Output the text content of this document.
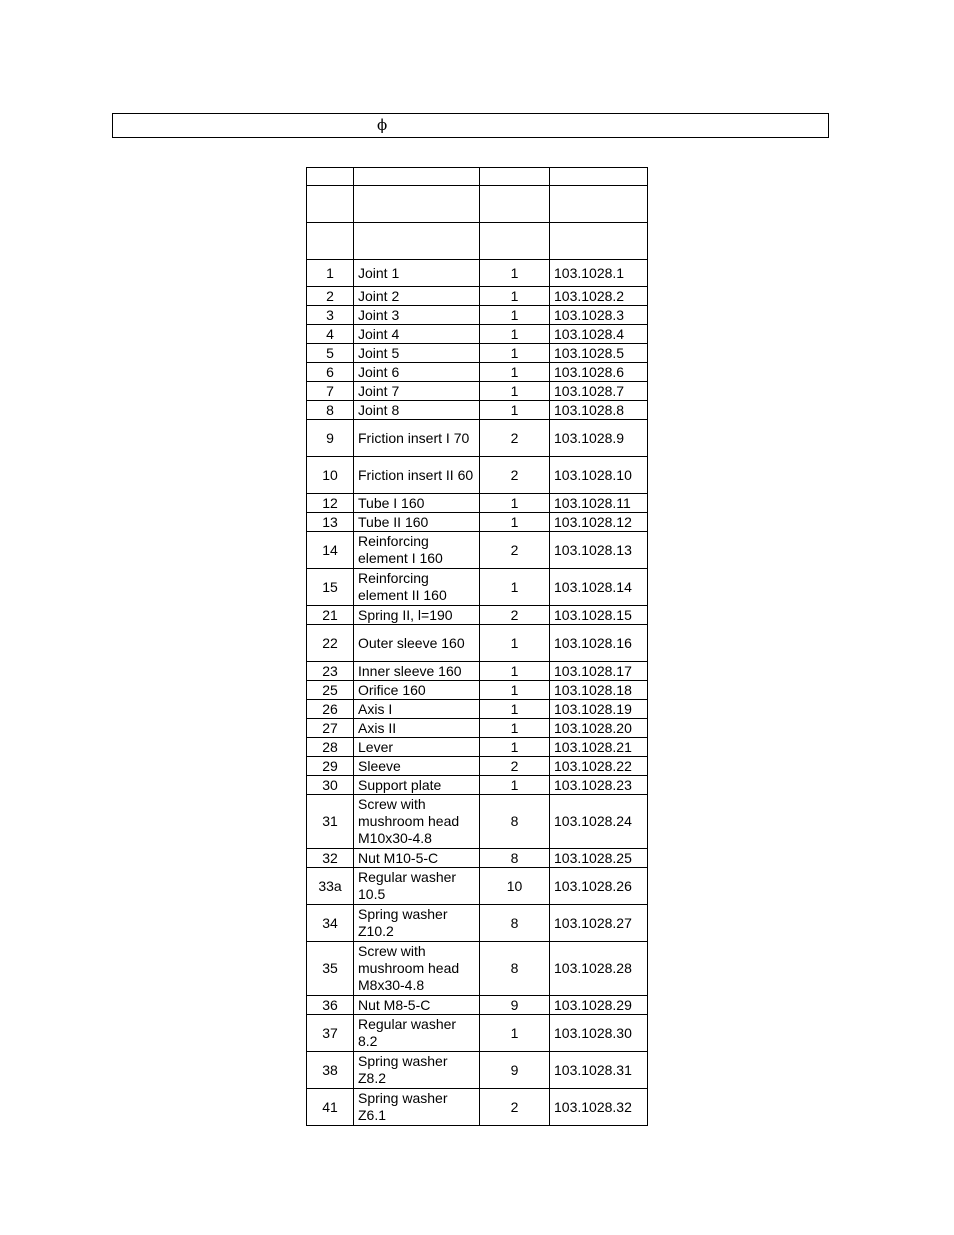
ϕ

1	Joint 1	1	103.1028.1
2	Joint 2	1	103.1028.2
3	Joint 3	1	103.1028.3
4	Joint 4	1	103.1028.4
5	Joint 5	1	103.1028.5
6	Joint 6	1	103.1028.6
7	Joint 7	1	103.1028.7
8	Joint 8	1	103.1028.8
9	Friction insert I 70	2	103.1028.9
10	Friction insert II 60	2	103.1028.10
12	Tube I 160	1	103.1028.11
13	Tube II 160	1	103.1028.12
14	Reinforcing element I 160	2	103.1028.13
15	Reinforcing element II 160	1	103.1028.14
21	Spring II, l=190	2	103.1028.15
22	Outer sleeve 160	1	103.1028.16
23	Inner sleeve 160	1	103.1028.17
25	Orifice 160	1	103.1028.18
26	Axis I	1	103.1028.19
27	Axis II	1	103.1028.20
28	Lever	1	103.1028.21
29	Sleeve	2	103.1028.22
30	Support plate	1	103.1028.23
31	Screw with mushroom head M10x30-4.8	8	103.1028.24
32	Nut M10-5-C	8	103.1028.25
33a	Regular washer 10.5	10	103.1028.26
34	Spring washer Z10.2	8	103.1028.27
35	Screw with mushroom head M8x30-4.8	8	103.1028.28
36	Nut M8-5-C	9	103.1028.29
37	Regular washer 8.2	1	103.1028.30
38	Spring washer Z8.2	9	103.1028.31
41	Spring washer Z6.1	2	103.1028.32
